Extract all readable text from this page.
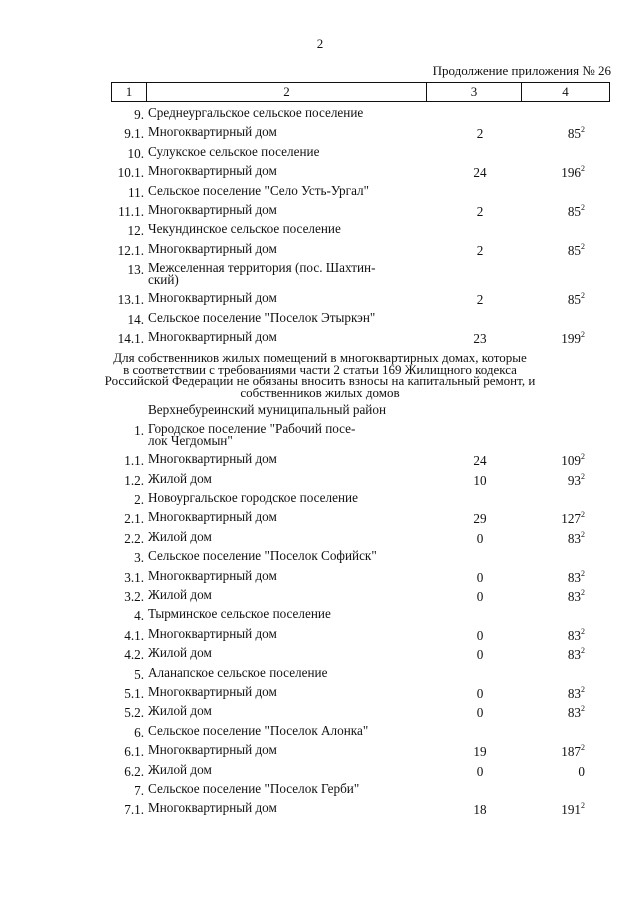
2
Продолжение приложения № 26
1	2	3	4
9. Среднеургальское сельское поселение
9.1. Многоквартирный дом	2	$85^2$
10. Сулукское сельское поселение
10.1. Многоквартирный дом	24	$196^2$
11. Сельское поселение "Село Усть-Ургал"
11.1. Многоквартирный дом	2	$85^2$
12. Чекундинское сельское поселение
12.1. Многоквартирный дом	2	$85^2$
13. Межселенная территория (пос. Шахтин-
ский)
13.1. Многоквартирный дом	2	$85^2$
14. Сельское поселение "Поселок Этыркэн"
14.1. Многоквартирный дом	23	$199^2$
Для собственников жилых помещений в многоквартирных домах, которые
в соответствии с требованиями части 2 статьи 169 Жилищного кодекса
Российской Федерации не обязаны вносить взносы на капитальный ремонт, и
собственников жилых домов
Верхнебуреинский муниципальный район
1. Городское поселение "Рабочий посе-
лок Чегдомын"
1.1. Многоквартирный дом	24	$109^2$
1.2. Жилой дом	10	$93^2$
2. Новоургальское городское поселение
2.1. Многоквартирный дом	29	$127^2$
2.2. Жилой дом	0	$83^2$
3. Сельское поселение "Поселок Софийск"
3.1. Многоквартирный дом	0	$83^2$
3.2. Жилой дом	0	$83^2$
4. Тырминское сельское поселение
4.1. Многоквартирный дом	0	$83^2$
4.2. Жилой дом	0	$83^2$
5. Аланапское сельское поселение
5.1. Многоквартирный дом	0	$83^2$
5.2. Жилой дом	0	$83^2$
6. Сельское поселение "Поселок Алонка"
6.1. Многоквартирный дом	19	$187^2$
6.2. Жилой дом	0	0
7. Сельское поселение "Поселок Герби"
7.1. Многоквартирный дом	18	$191^2$
